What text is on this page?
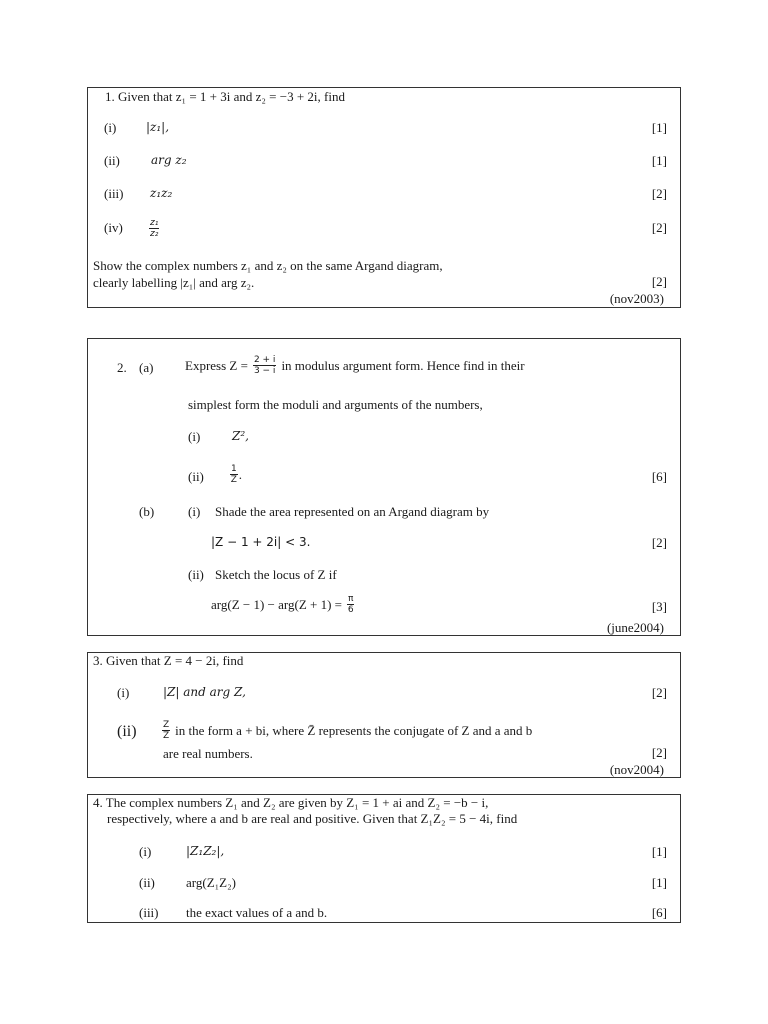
1. Given that z₁ = 1 + 3i and z₂ = −3 + 2i, find
(i) |z₁|,	[1]
(ii)	arg z₂	[1]
(iii) z₁z₂	[2]
(iv)	$\frac{\text{z₁}}{\text{z₂}}$	[2]
Show the complex numbers z₁ and z₂ on the same Argand diagram,
clearly labelling |z₁| and arg z₂.	[2]
(nov2003)
2. (a) Express $Z = \frac{2 + i}{3 - i}$ in modulus argument form. Hence find in their
simplest form the moduli and arguments of the numbers,
(i)	Z²,
(ii)	$\frac{1}{Z}$ .	[6]
(b)	(i) Shade the area represented on an Argand diagram by
|Z − 1 + 2i| < 3.	[2]
(ii) Sketch the locus of Z if
$arg(Z - 1) - arg(Z + 1) = \frac{\pi}{6}$	[3]
(june2004)
3. Given that Z = 4 − 2i, find
(i)	|Z| and arg Z,	[2]
(ii)	$\frac{Z}{Z̄}$ in the form a + bi, where Z̄ represents the conjugate of Z and a and b
are real numbers.	[2]
(nov2004)
4. The complex numbers Z₁ and Z₂ are given by Z₁ = 1 + ai and Z₂ = −b − i,
respectively, where a and b are real and positive. Given that Z₁Z₂ = 5 − 4i, find
(i)	|Z₁Z₂|,	[1]
(ii) arg(Z₁Z₂)	[1]
(iii) the exact values of a and b.	[6]
